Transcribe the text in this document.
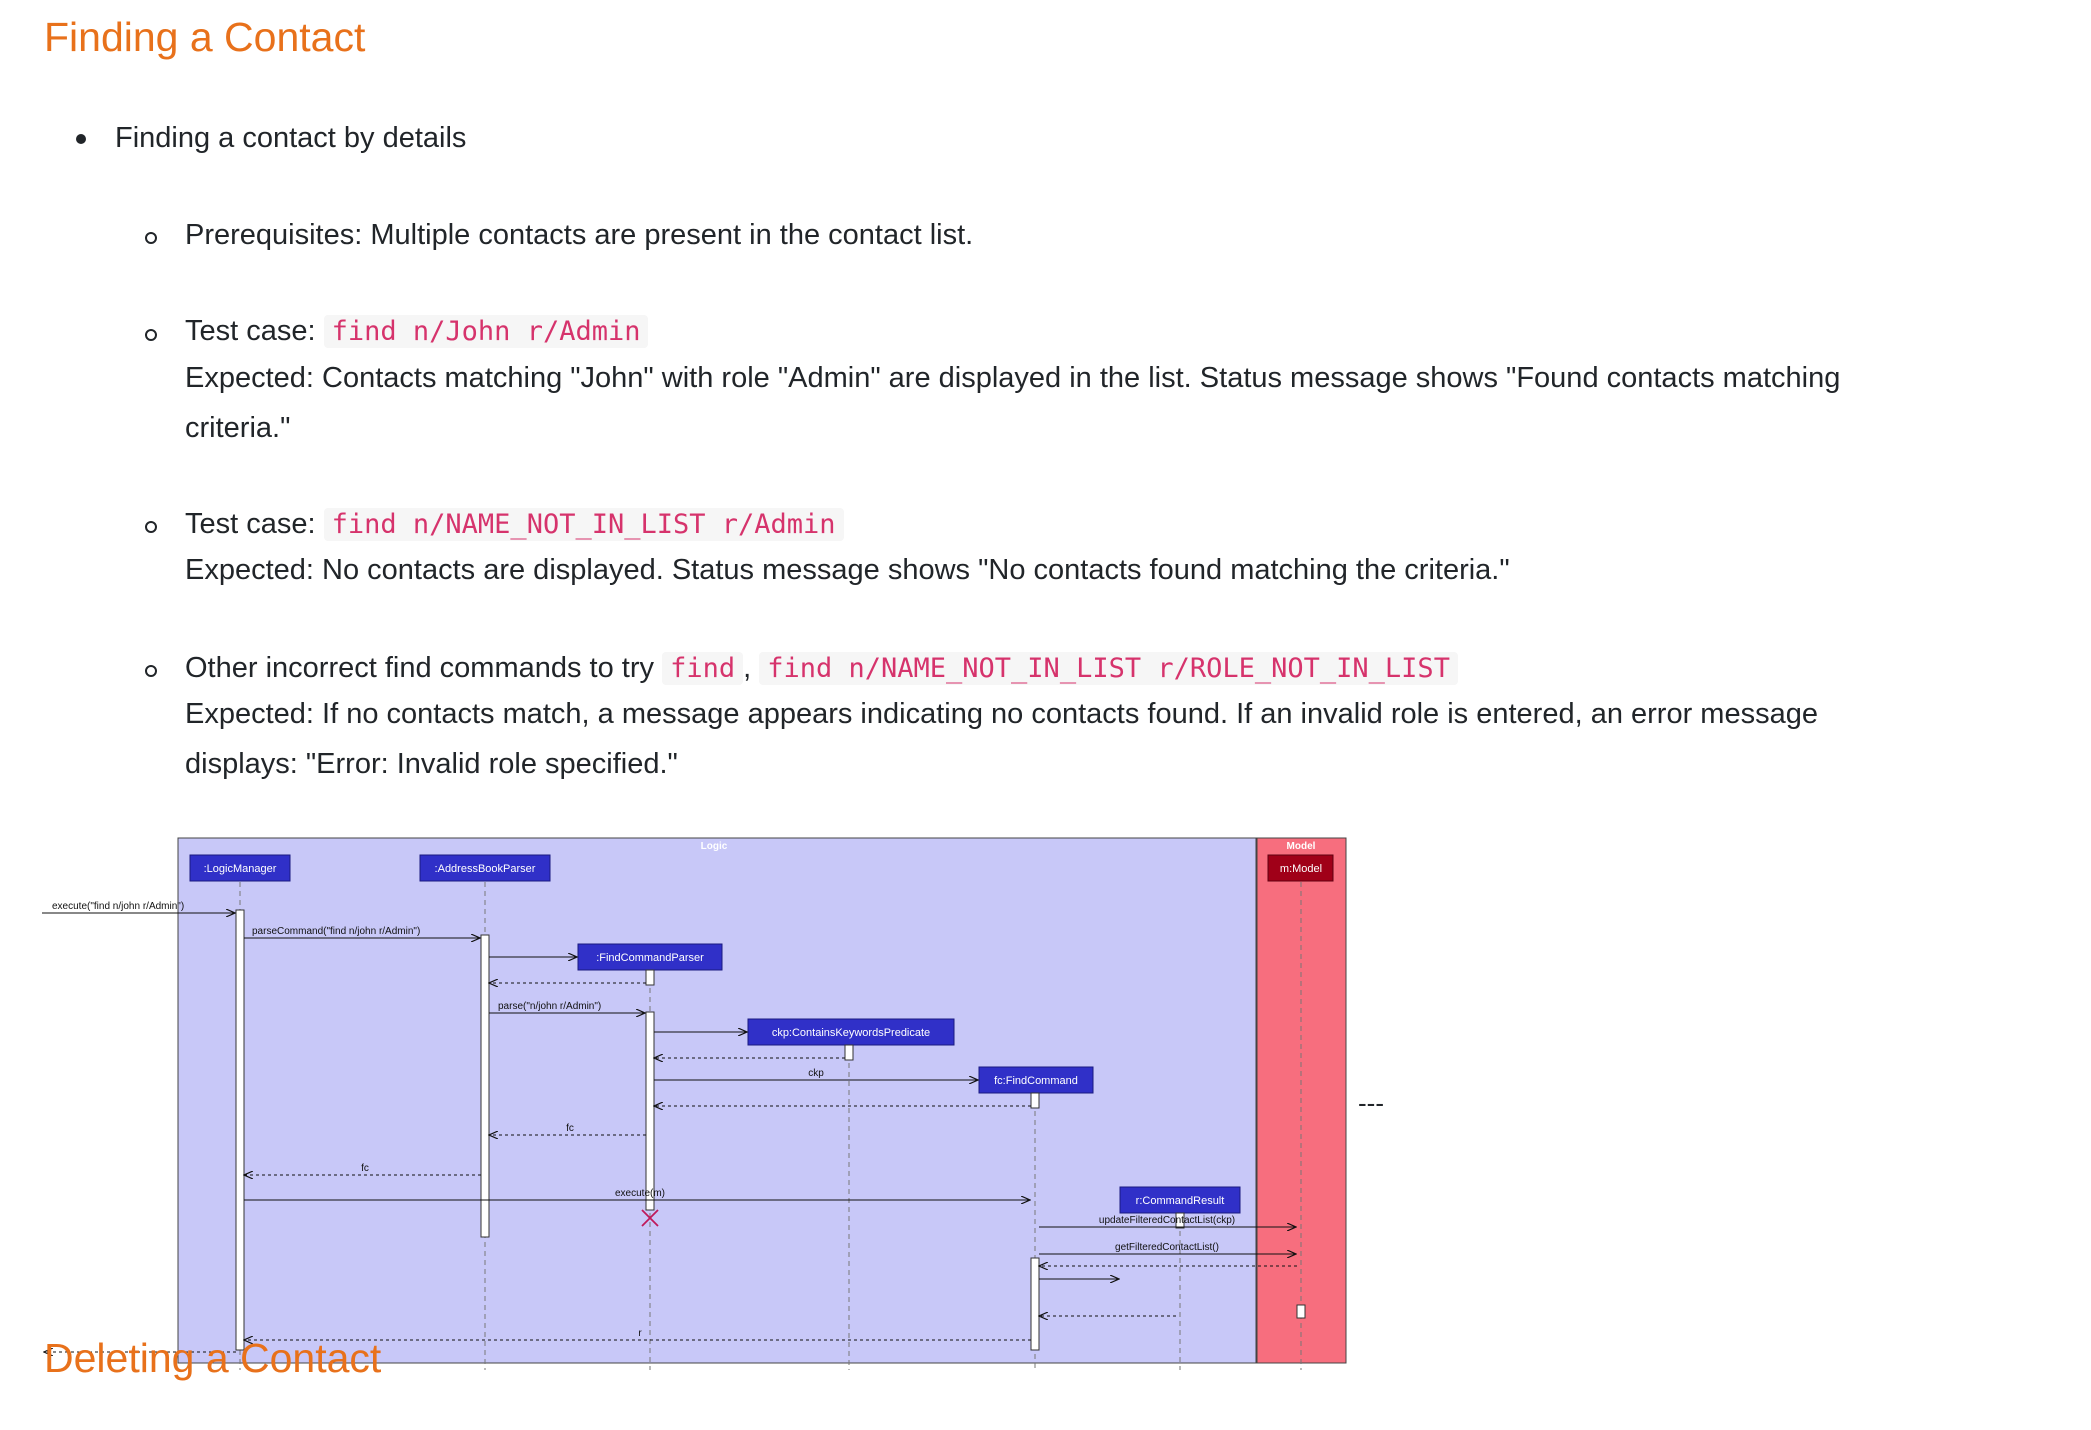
Finding a Contact
Finding a contact by details
Prerequisites: Multiple contacts are present in the contact list.
Test case: find n/John r/Admin
Expected: Contacts matching "John" with role "Admin" are displayed in the list. Status message shows "Found contacts matching
criteria."
Test case: find n/NAME_NOT_IN_LIST r/Admin
Expected: No contacts are displayed. Status message shows "No contacts found matching the criteria."
Other incorrect find commands to try find , find n/NAME_NOT_IN_LIST r/ROLE_NOT_IN_LIST
Expected: If no contacts match, a message appears indicating no contacts found. If an invalid role is entered, an error message
displays: "Error: Invalid role specified."
Logic	Model
:LogicManager	:AddressBookParser
:FindCommandParser
ckp:ContainsKeywordsPredicate
fc:FindCommand
r:CommandResult
m:Model
execute("find n/john r/Admin")
parseCommand("find n/john r/Admin")
parse("n/john r/Admin")
ckp
fc
fc
execute(m)
updateFilteredContactList(ckp)
getFilteredContactList()
r
---
Deleting a Contact
